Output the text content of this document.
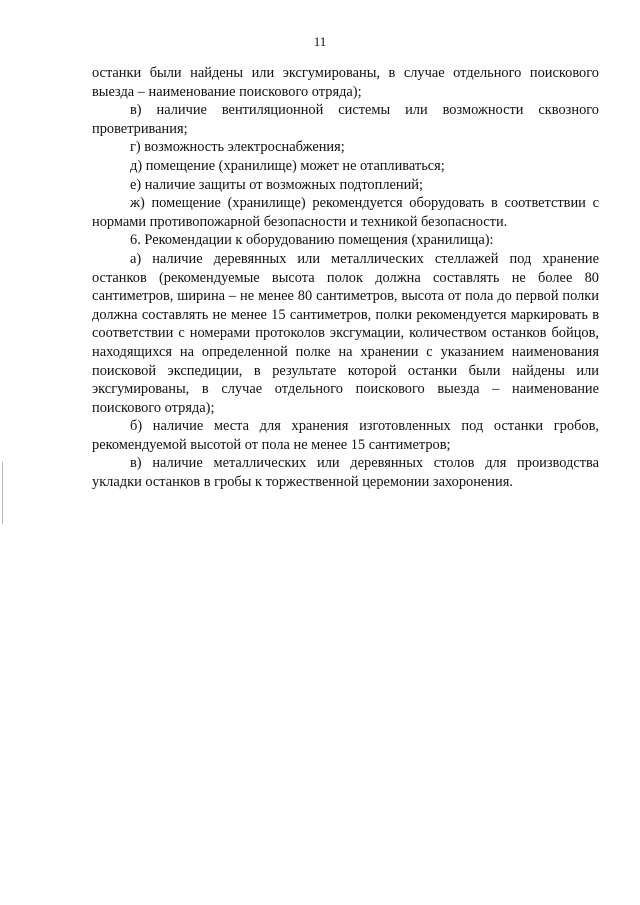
11

останки были найдены или эксгумированы, в случае отдельного поискового выезда – наименование поискового отряда);

в) наличие вентиляционной системы или возможности сквозного проветривания;

г) возможность электроснабжения;

д) помещение (хранилище) может не отапливаться;

е) наличие защиты от возможных подтоплений;

ж) помещение (хранилище) рекомендуется оборудовать в соответствии с нормами противопожарной безопасности и техникой безопасности.

6. Рекомендации к оборудованию помещения (хранилища):

а) наличие деревянных или металлических стеллажей под хранение останков (рекомендуемые высота полок должна составлять не более 80 сантиметров, ширина – не менее 80 сантиметров, высота от пола до первой полки должна составлять не менее 15 сантиметров, полки рекомендуется маркировать в соответствии с номерами протоколов эксгумации, количеством останков бойцов, находящихся на определенной полке на хранении с указанием наименования поисковой экспедиции, в результате которой останки были найдены или эксгумированы, в случае отдельного поискового выезда – наименование поискового отряда);

б) наличие места для хранения изготовленных под останки гробов, рекомендуемой высотой от пола не менее 15 сантиметров;

в) наличие металлических или деревянных столов для производства укладки останков в гробы к торжественной церемонии захоронения.
